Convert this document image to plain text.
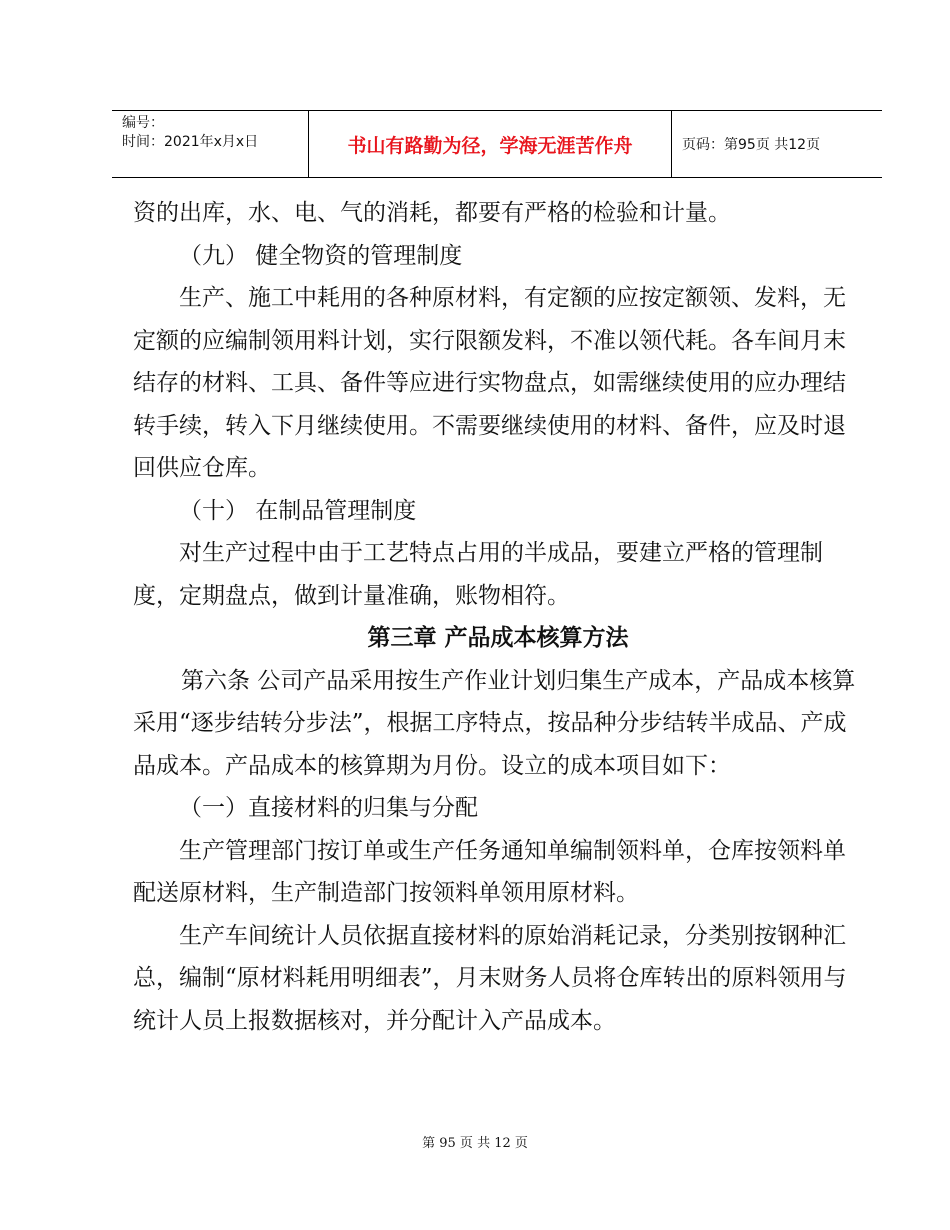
编号：
时间：2021年x月x日	书山有路勤为径，学海无涯苦作舟	页码：第95页 共12页

资的出库，水、电、气的消耗，都要有严格的检验和计量。

（九） 健全物资的管理制度

生产、施工中耗用的各种原材料，有定额的应按定额领、发料，无定额的应编制领用料计划，实行限额发料，不准以领代耗。各车间月末结存的材料、工具、备件等应进行实物盘点，如需继续使用的应办理结转手续，转入下月继续使用。不需要继续使用的材料、备件，应及时退回供应仓库。

（十） 在制品管理制度

对生产过程中由于工艺特点占用的半成品，要建立严格的管理制度，定期盘点，做到计量准确，账物相符。

第三章 产品成本核算方法

第六条 公司产品采用按生产作业计划归集生产成本，产品成本核算采用“逐步结转分步法”，根据工序特点，按品种分步结转半成品、产成品成本。产品成本的核算期为月份。设立的成本项目如下：

（一）直接材料的归集与分配

生产管理部门按订单或生产任务通知单编制领料单，仓库按领料单配送原材料，生产制造部门按领料单领用原材料。

生产车间统计人员依据直接材料的原始消耗记录，分类别按钢种汇总，编制“原材料耗用明细表”，月末财务人员将仓库转出的原料领用与统计人员上报数据核对，并分配计入产品成本。

第 95 页 共 12 页
